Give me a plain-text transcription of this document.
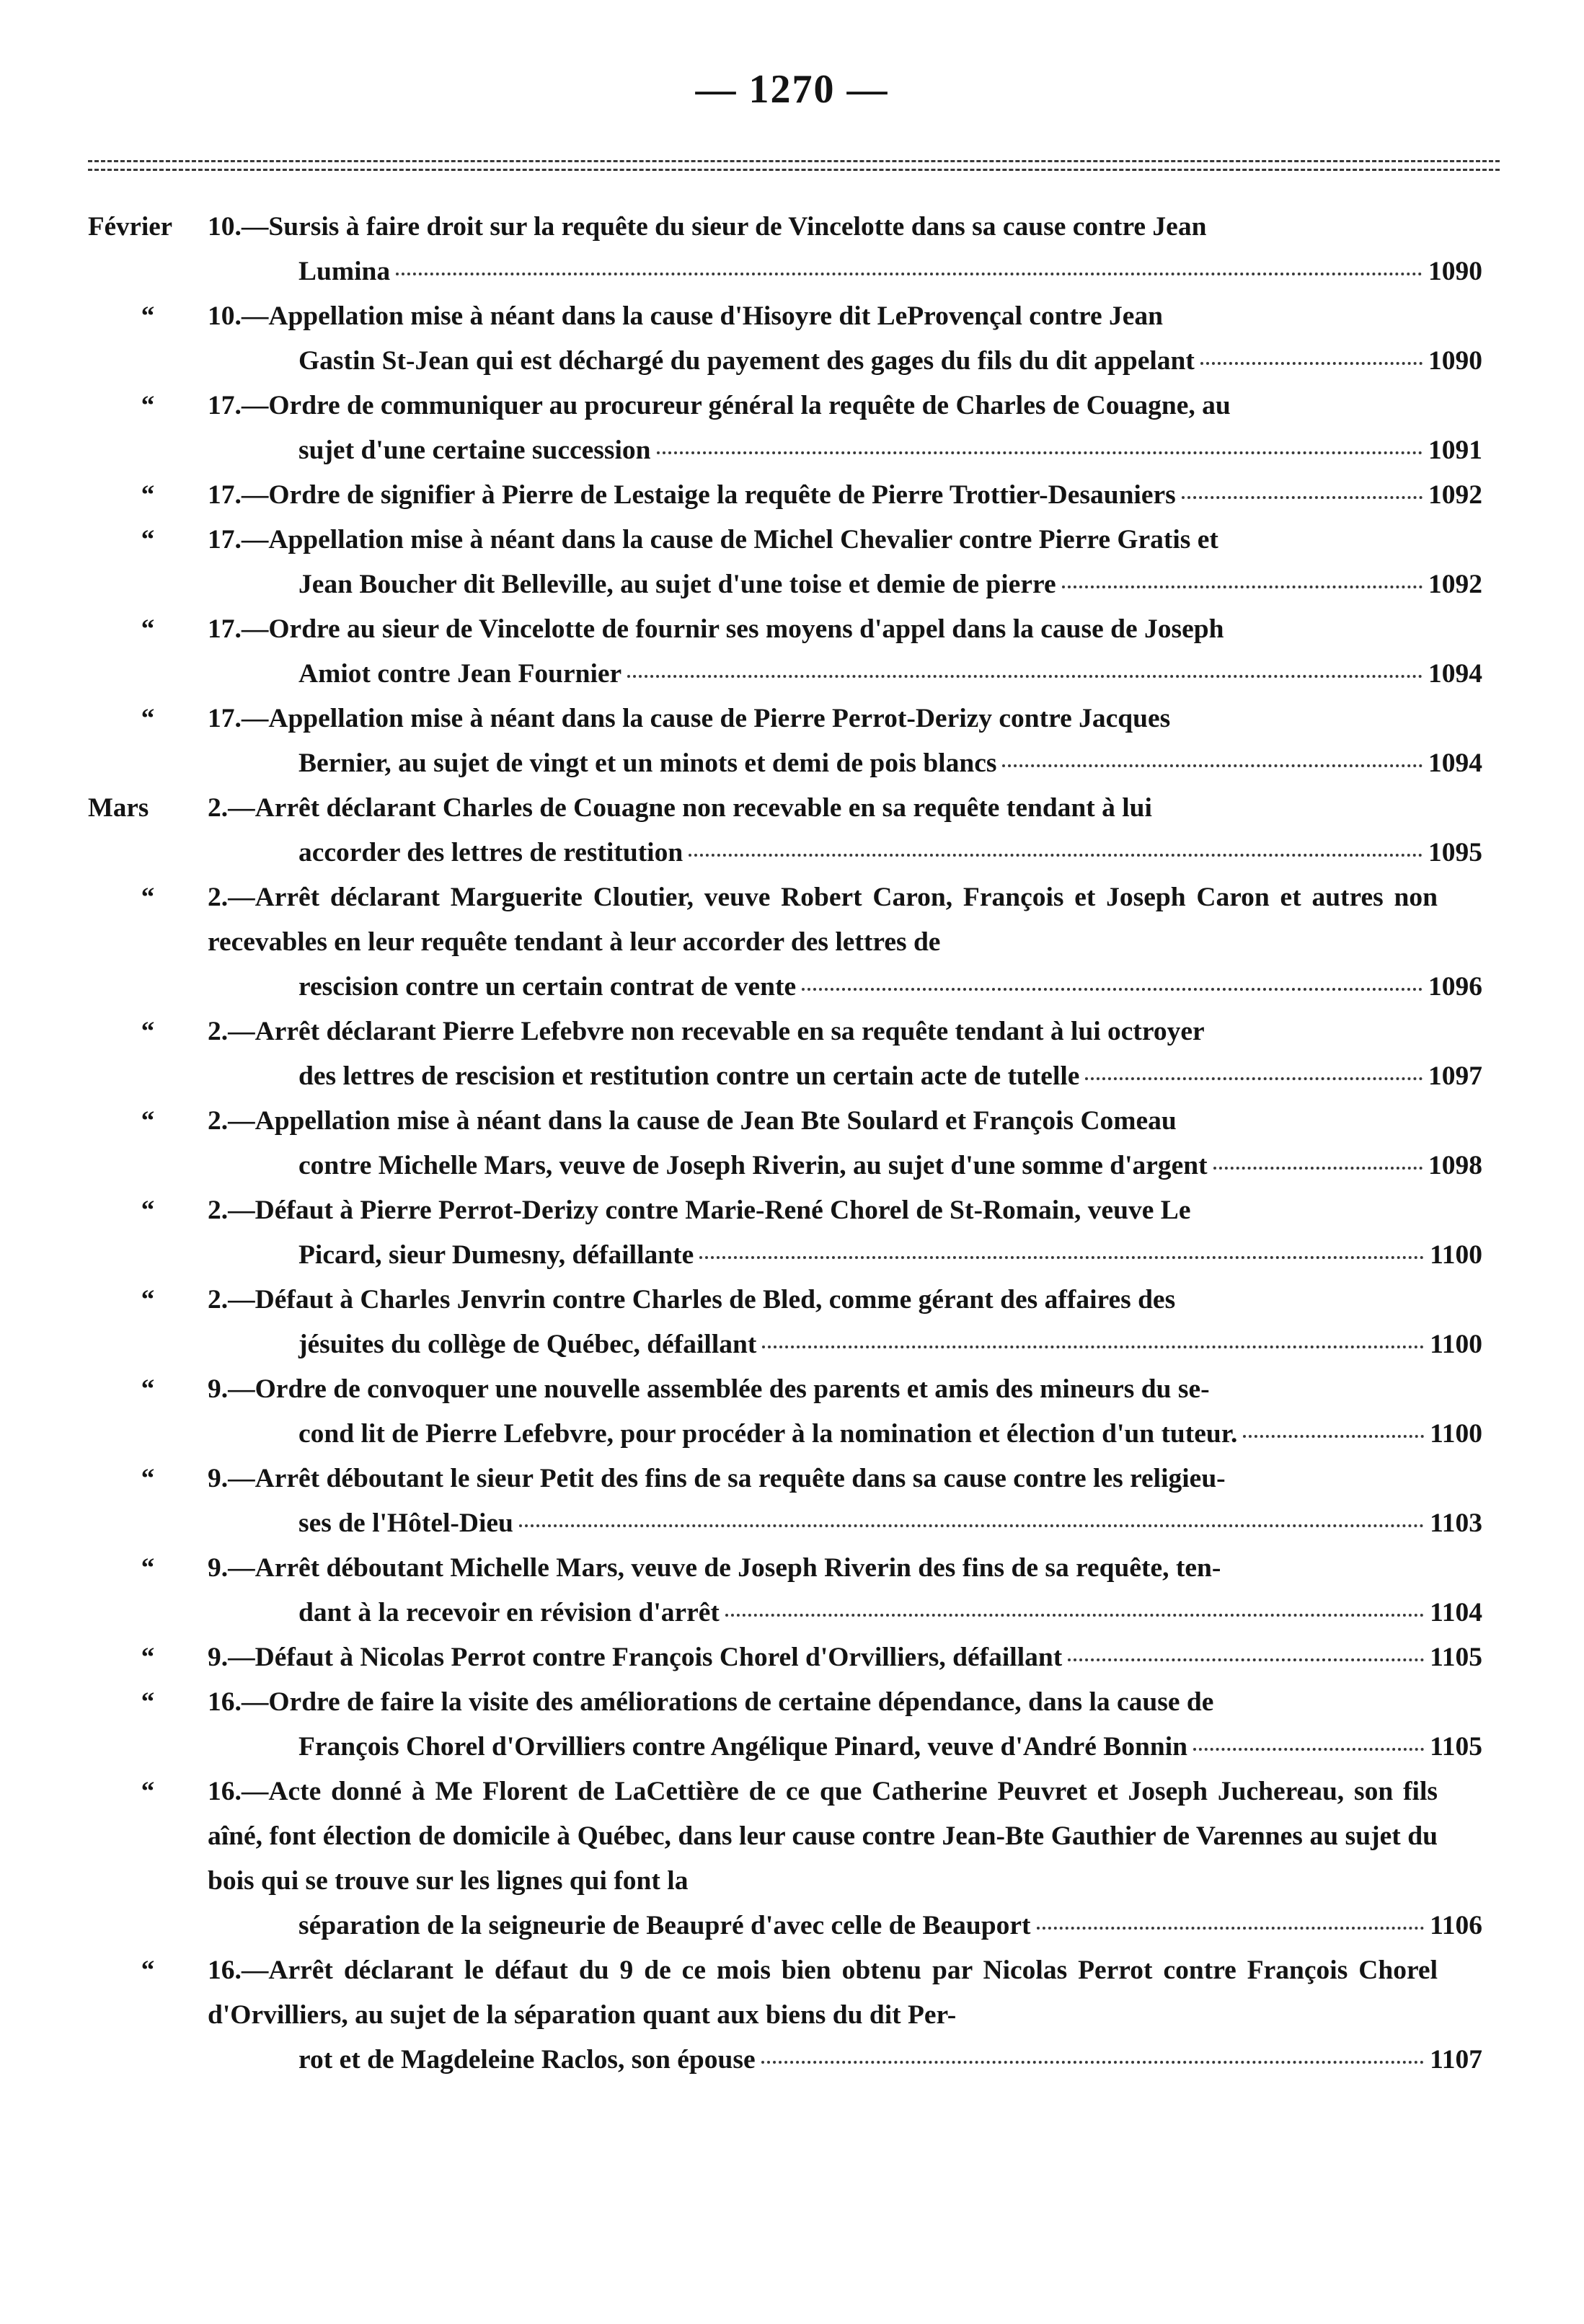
— 1270 —
Février 10.—Sursis à faire droit sur la requête du sieur de Vincelotte dans sa cause contre Jean
Lumina	1090
“ 10.—Appellation mise à néant dans la cause d'Hisoyre dit LeProvençal contre Jean
Gastin St-Jean qui est déchargé du payement des gages du fils du dit appelant	1090
“ 17.—Ordre de communiquer au procureur général la requête de Charles de Couagne, au
sujet d'une certaine succession	1091
“ 17.—Ordre de signifier à Pierre de Lestaige la requête de Pierre Trottier-Desauniers	1092
“ 17.—Appellation mise à néant dans la cause de Michel Chevalier contre Pierre Gratis et
Jean Boucher dit Belleville, au sujet d'une toise et demie de pierre	1092
“ 17.—Ordre au sieur de Vincelotte de fournir ses moyens d'appel dans la cause de Joseph
Amiot contre Jean Fournier	1094
“ 17.—Appellation mise à néant dans la cause de Pierre Perrot-Derizy contre Jacques
Bernier, au sujet de vingt et un minots et demi de pois blancs	1094
Mars 2.—Arrêt déclarant Charles de Couagne non recevable en sa requête tendant à lui
accorder des lettres de restitution	1095
“ 2.—Arrêt déclarant Marguerite Cloutier, veuve Robert Caron, François et Joseph Caron et autres non recevables en leur requête tendant à leur accorder des lettres de
rescision contre un certain contrat de vente	1096
“ 2.—Arrêt déclarant Pierre Lefebvre non recevable en sa requête tendant à lui octroyer
des lettres de rescision et restitution contre un certain acte de tutelle	1097
“ 2.—Appellation mise à néant dans la cause de Jean Bte Soulard et François Comeau
contre Michelle Mars, veuve de Joseph Riverin, au sujet d'une somme d'argent	1098
“ 2.—Défaut à Pierre Perrot-Derizy contre Marie-René Chorel de St-Romain, veuve Le
Picard, sieur Dumesny, défaillante	1100
“ 2.—Défaut à Charles Jenvrin contre Charles de Bled, comme gérant des affaires des
jésuites du collège de Québec, défaillant	1100
“ 9.—Ordre de convoquer une nouvelle assemblée des parents et amis des mineurs du se-
cond lit de Pierre Lefebvre, pour procéder à la nomination et élection d'un tuteur.	1100
“ 9.—Arrêt déboutant le sieur Petit des fins de sa requête dans sa cause contre les religieu-
ses de l'Hôtel-Dieu	1103
“ 9.—Arrêt déboutant Michelle Mars, veuve de Joseph Riverin des fins de sa requête, ten-
dant à la recevoir en révision d'arrêt	1104
“ 9.—Défaut à Nicolas Perrot contre François Chorel d'Orvilliers, défaillant	1105
“ 16.—Ordre de faire la visite des améliorations de certaine dépendance, dans la cause de
François Chorel d'Orvilliers contre Angélique Pinard, veuve d'André Bonnin	1105
“ 16.—Acte donné à Me Florent de LaCettière de ce que Catherine Peuvret et Joseph Juchereau, son fils aîné, font élection de domicile à Québec, dans leur cause contre Jean-Bte Gauthier de Varennes au sujet du bois qui se trouve sur les lignes qui font la
séparation de la seigneurie de Beaupré d'avec celle de Beauport	1106
“ 16.—Arrêt déclarant le défaut du 9 de ce mois bien obtenu par Nicolas Perrot contre François Chorel d'Orvilliers, au sujet de la séparation quant aux biens du dit Per-
rot et de Magdeleine Raclos, son épouse	1107
